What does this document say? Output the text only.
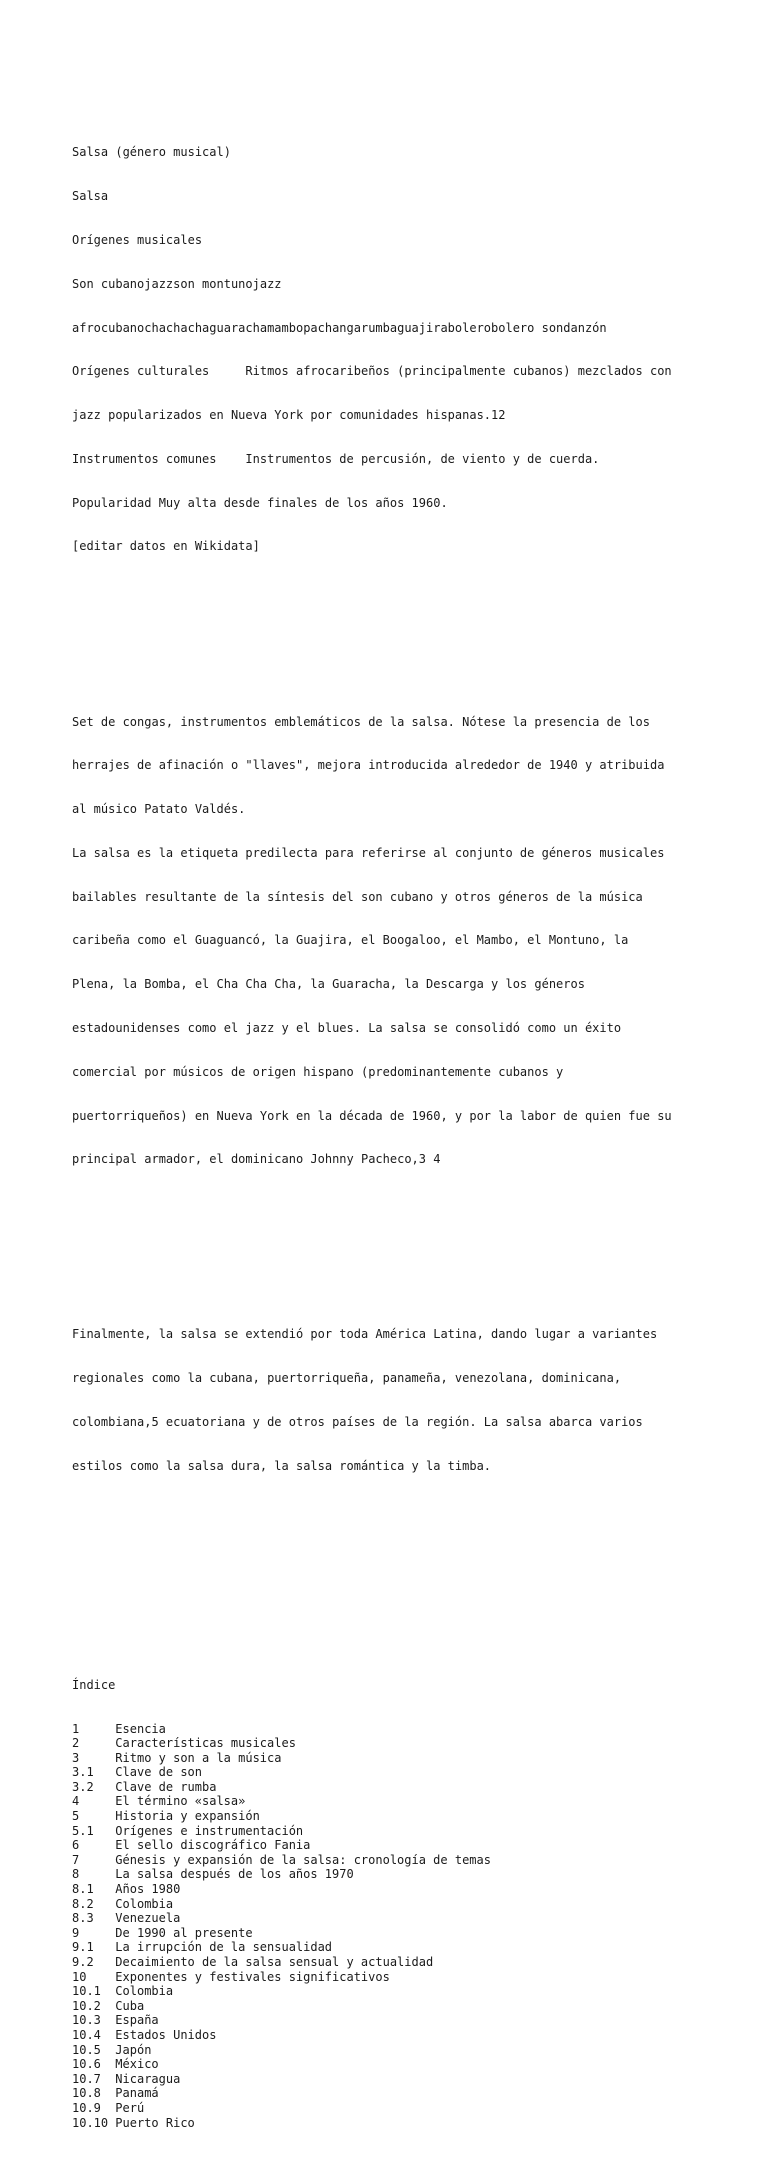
Salsa (género musical)

Salsa

Orígenes musicales

Son cubanojazzson montunojazz

afrocubanochachachaguarachamambopachangarumbaguajirabolerobolero sondanzón

Orígenes culturales     Ritmos afrocaribeños (principalmente cubanos) mezclados con

jazz popularizados en Nueva York por comunidades hispanas.12

Instrumentos comunes    Instrumentos de percusión, de viento y de cuerda.

Popularidad Muy alta desde finales de los años 1960.

[editar datos en Wikidata]

Set de congas, instrumentos emblemáticos de la salsa. Nótese la presencia de los

herrajes de afinación o "llaves", mejora introducida alrededor de 1940 y atribuida

al músico Patato Valdés.

La salsa es la etiqueta predilecta para referirse al conjunto de géneros musicales

bailables resultante de la síntesis del son cubano y otros géneros de la música

caribeña como el Guaguancó, la Guajira, el Boogaloo, el Mambo, el Montuno, la

Plena, la Bomba, el Cha Cha Cha, la Guaracha, la Descarga y los géneros

estadounidenses como el jazz y el blues. La salsa se consolidó como un éxito

comercial por músicos de origen hispano (predominantemente cubanos y

puertorriqueños) en Nueva York en la década de 1960, y por la labor de quien fue su

principal armador, el dominicano Johnny Pacheco,3 4

Finalmente, la salsa se extendió por toda América Latina, dando lugar a variantes

regionales como la cubana, puertorriqueña, panameña, venezolana, dominicana,

colombiana,5 ecuatoriana y de otros países de la región. La salsa abarca varios

estilos como la salsa dura, la salsa romántica y la timba.

Índice

1	Esencia
2	Características musicales
3	Ritmo y son a la música
3.1 Clave de son
3.2 Clave de rumba
4	El término «salsa»
5	Historia y expansión
5.1 Orígenes e instrumentación
6	El sello discográfico Fania
7	Génesis y expansión de la salsa: cronología de temas
8	La salsa después de los años 1970
8.1 Años 1980
8.2 Colombia
8.3 Venezuela
9	De 1990 al presente
9.1 La irrupción de la sensualidad
9.2 Decaimiento de la salsa sensual y actualidad
10 Exponentes y festivales significativos
10.1 Colombia
10.2 Cuba
10.3 España
10.4 Estados Unidos
10.5 Japón
10.6 México
10.7 Nicaragua
10.8 Panamá
10.9 Perú
10.10 Puerto Rico
